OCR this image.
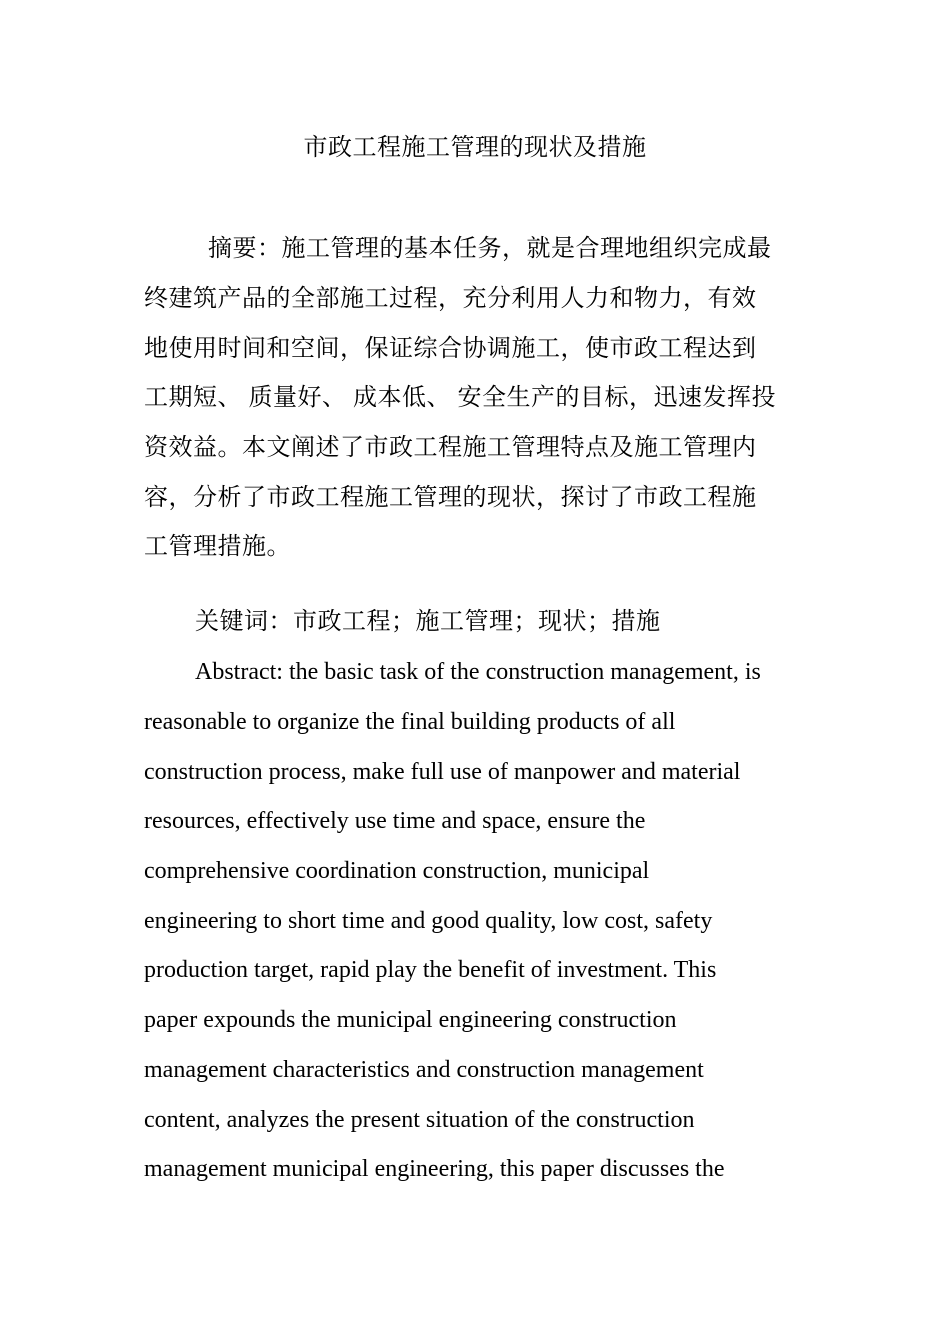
市政工程施工管理的现状及措施

摘要：施工管理的基本任务，就是合理地组织完成最

终建筑产品的全部施工过程，充分利用人力和物力，有效

地使用时间和空间，保证综合协调施工，使市政工程达到

工期短、 质量好、 成本低、 安全生产的目标，迅速发挥投

资效益。本文阐述了市政工程施工管理特点及施工管理内

容，分析了市政工程施工管理的现状，探讨了市政工程施

工管理措施。

关键词：市政工程；施工管理；现状；措施

Abstract: the basic task of the construction management, is

reasonable to organize the final building products of all

construction process, make full use of manpower and material

resources, effectively use time and space, ensure the

comprehensive coordination construction, municipal

engineering to short time and good quality, low cost, safety

production target, rapid play the benefit of investment. This

paper expounds the municipal engineering construction

management characteristics and construction management

content, analyzes the present situation of the construction

management municipal engineering, this paper discusses the
